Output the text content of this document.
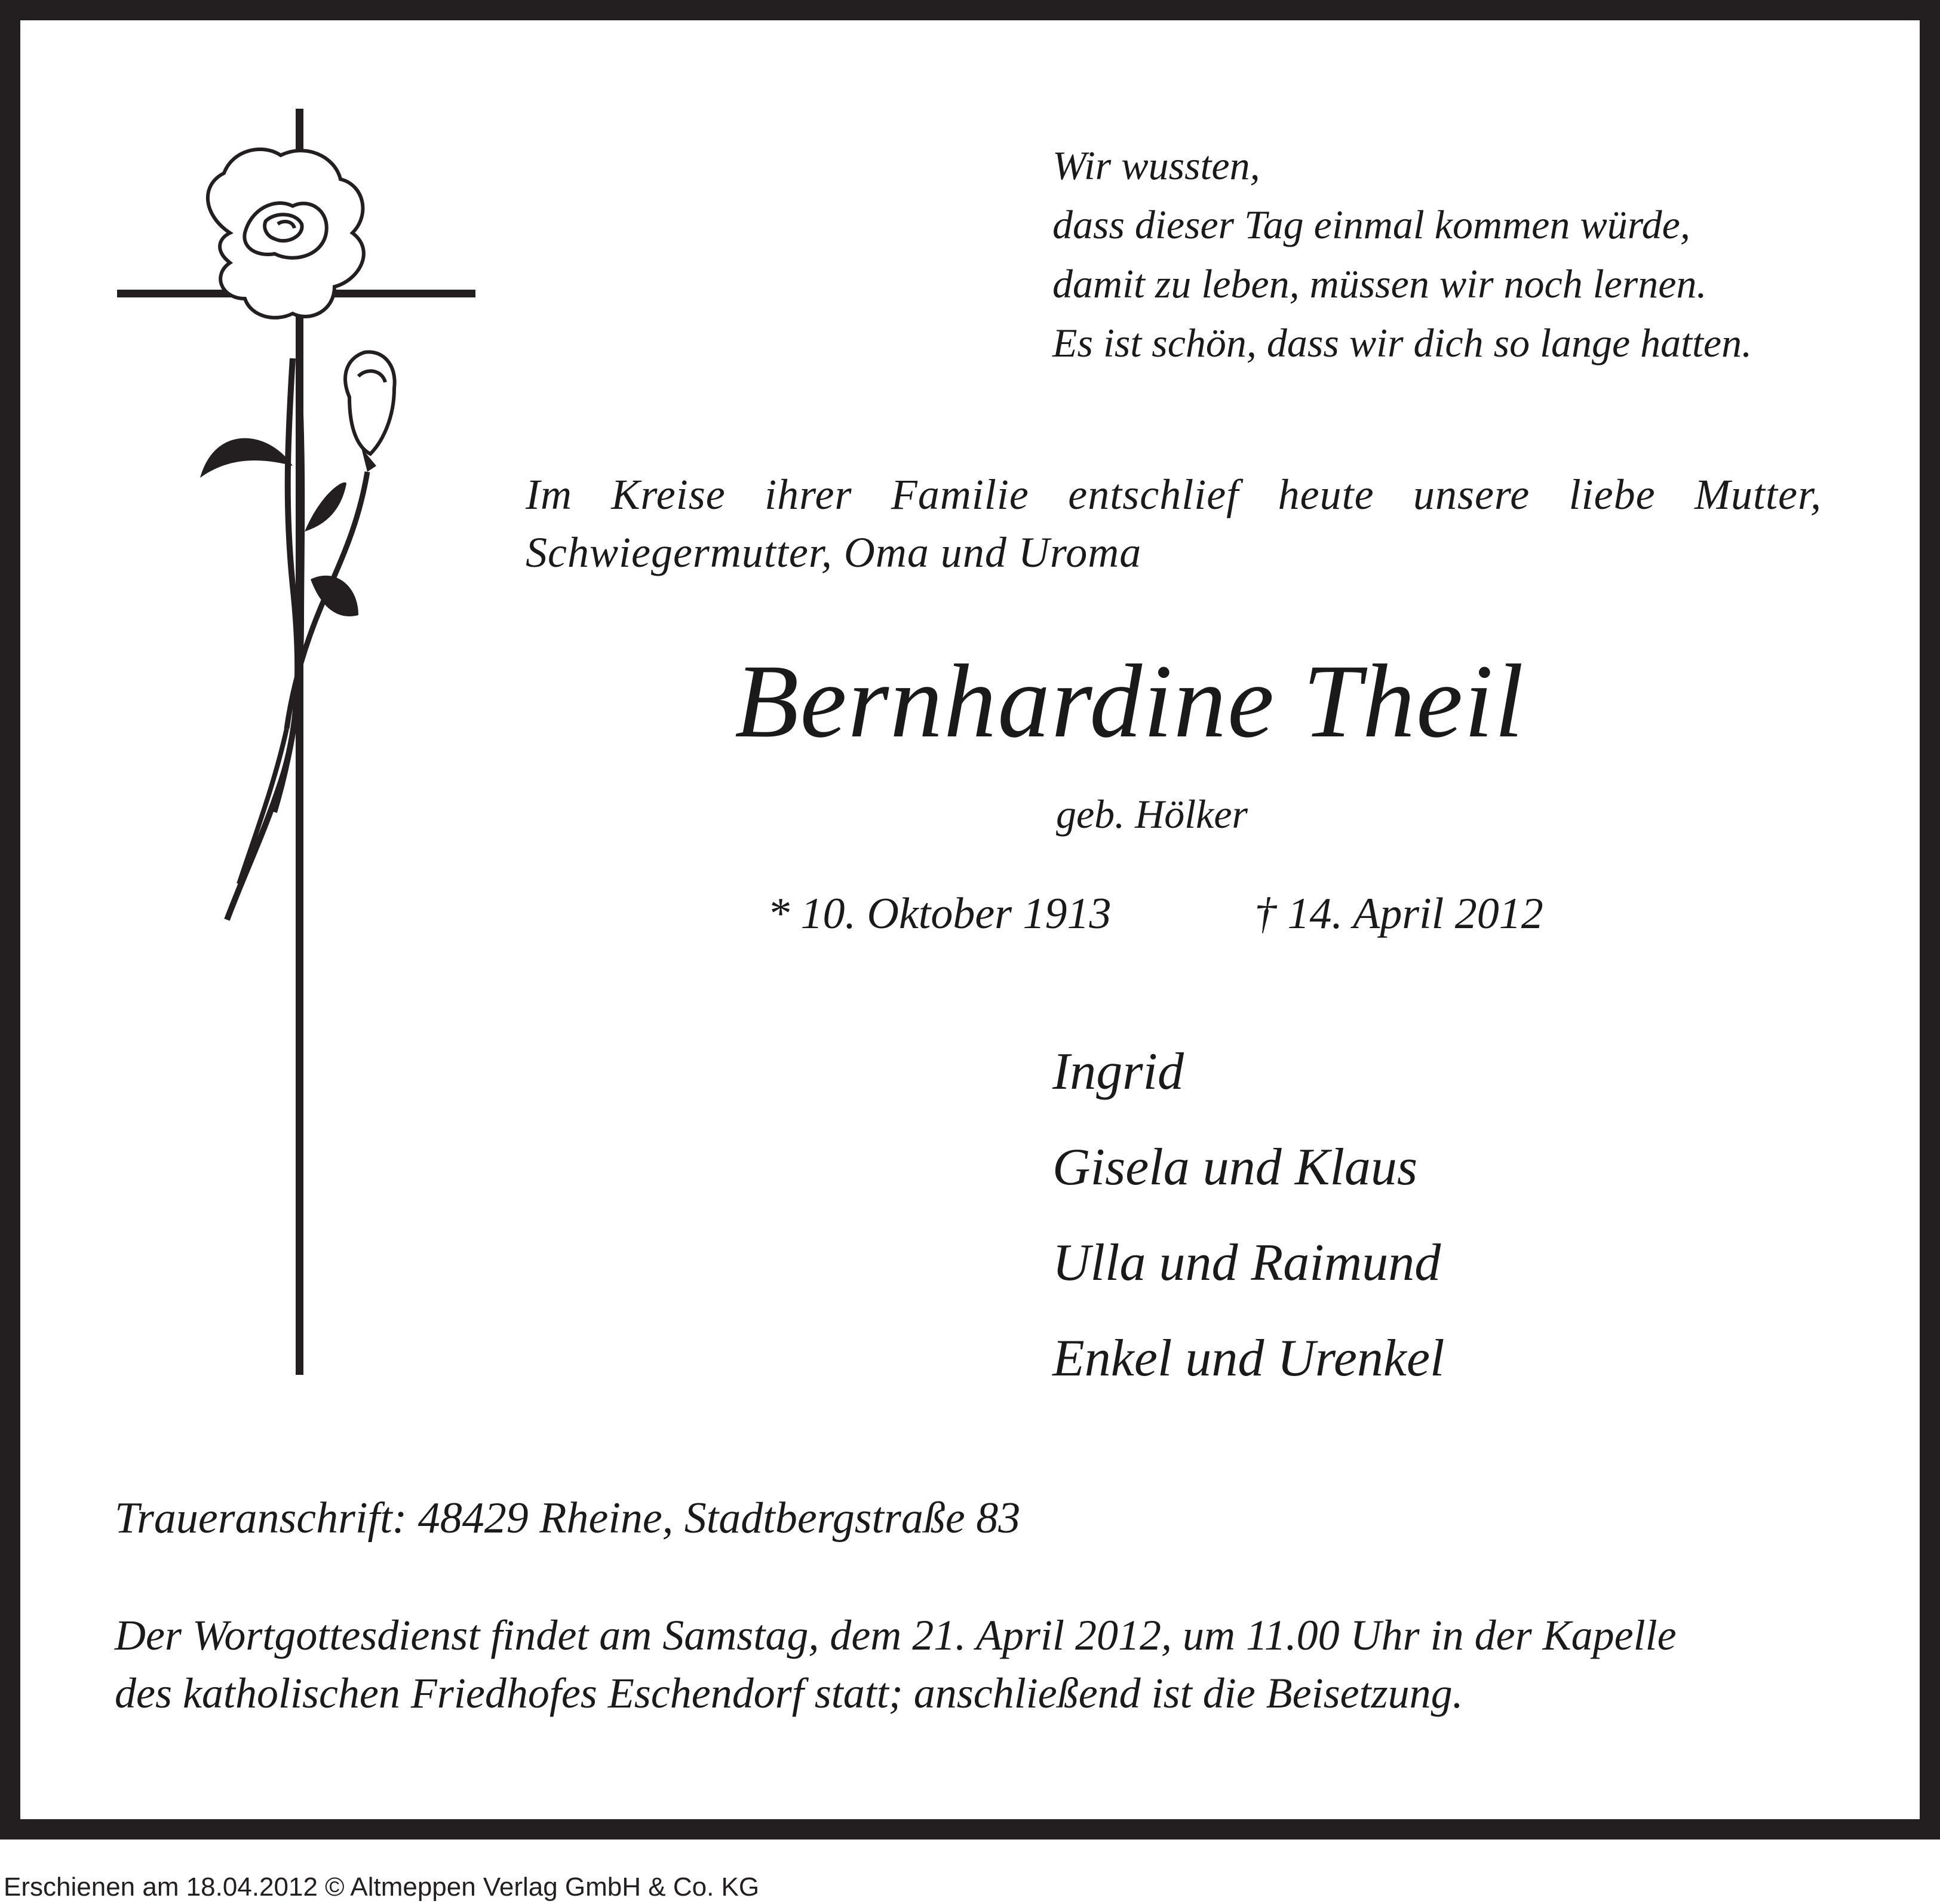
Wir wussten,
dass dieser Tag einmal kommen würde,
damit zu leben, müssen wir noch lernen.
Es ist schön, dass wir dich so lange hatten.
Im Kreise ihrer Familie entschlief heute unsere liebe Mutter,
Schwiegermutter, Oma und Uroma
Bernhardine Theil
geb. Hölker
* 10. Oktober 1913	† 14. April 2012
Ingrid
Gisela und Klaus
Ulla und Raimund
Enkel und Urenkel
Traueranschrift: 48429 Rheine, Stadtbergstraße 83
Der Wortgottesdienst findet am Samstag, dem 21. April 2012, um 11.00 Uhr in der Kapelle
des katholischen Friedhofes Eschendorf statt; anschließend ist die Beisetzung.
Erschienen am 18.04.2012 © Altmeppen Verlag GmbH & Co. KG
